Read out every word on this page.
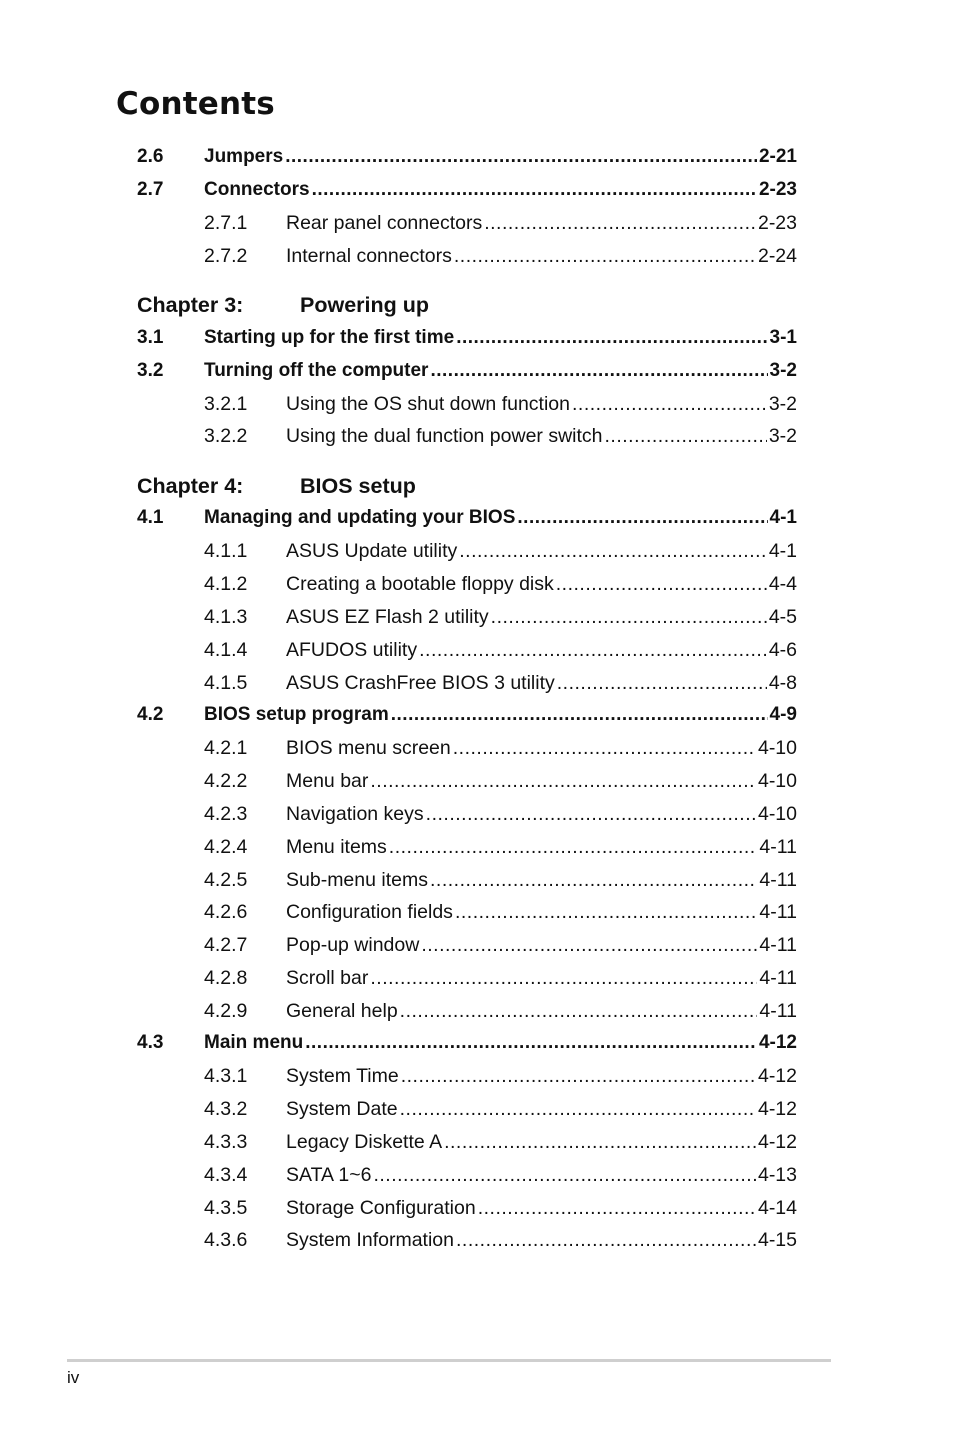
Contents
2.6 Jumpers .....	2-21
2.7 Connectors .....	2-23
2.7.1 Rear panel connectors .....	2-23
2.7.2 Internal connectors .....	2-24
Chapter 3:	Powering up
3.1 Starting up for the first time .....	3-1
3.2 Turning off the computer .....	3-2
3.2.1 Using the OS shut down function .....	3-2
3.2.2 Using the dual function power switch .....	3-2
Chapter 4:	BIOS setup
4.1 Managing and updating your BIOS .....	4-1
4.1.1 ASUS Update utility .....	4-1
4.1.2 Creating a bootable floppy disk .....	4-4
4.1.3 ASUS EZ Flash 2 utility .....	4-5
4.1.4 AFUDOS utility .....	4-6
4.1.5 ASUS CrashFree BIOS 3 utility .....	4-8
4.2 BIOS setup program .....	4-9
4.2.1 BIOS menu screen .....	4-10
4.2.2 Menu bar .....	4-10
4.2.3 Navigation keys .....	4-10
4.2.4 Menu items .....	4-11
4.2.5 Sub-menu items .....	4-11
4.2.6 Configuration fields .....	4-11
4.2.7 Pop-up window .....	4-11
4.2.8 Scroll bar .....	4-11
4.2.9 General help .....	4-11
4.3 Main menu .....	4-12
4.3.1 System Time .....	4-12
4.3.2 System Date .....	4-12
4.3.3 Legacy Diskette A .....	4-12
4.3.4 SATA 1~6 .....	4-13
4.3.5 Storage Configuration .....	4-14
4.3.6 System Information .....	4-15
iv
